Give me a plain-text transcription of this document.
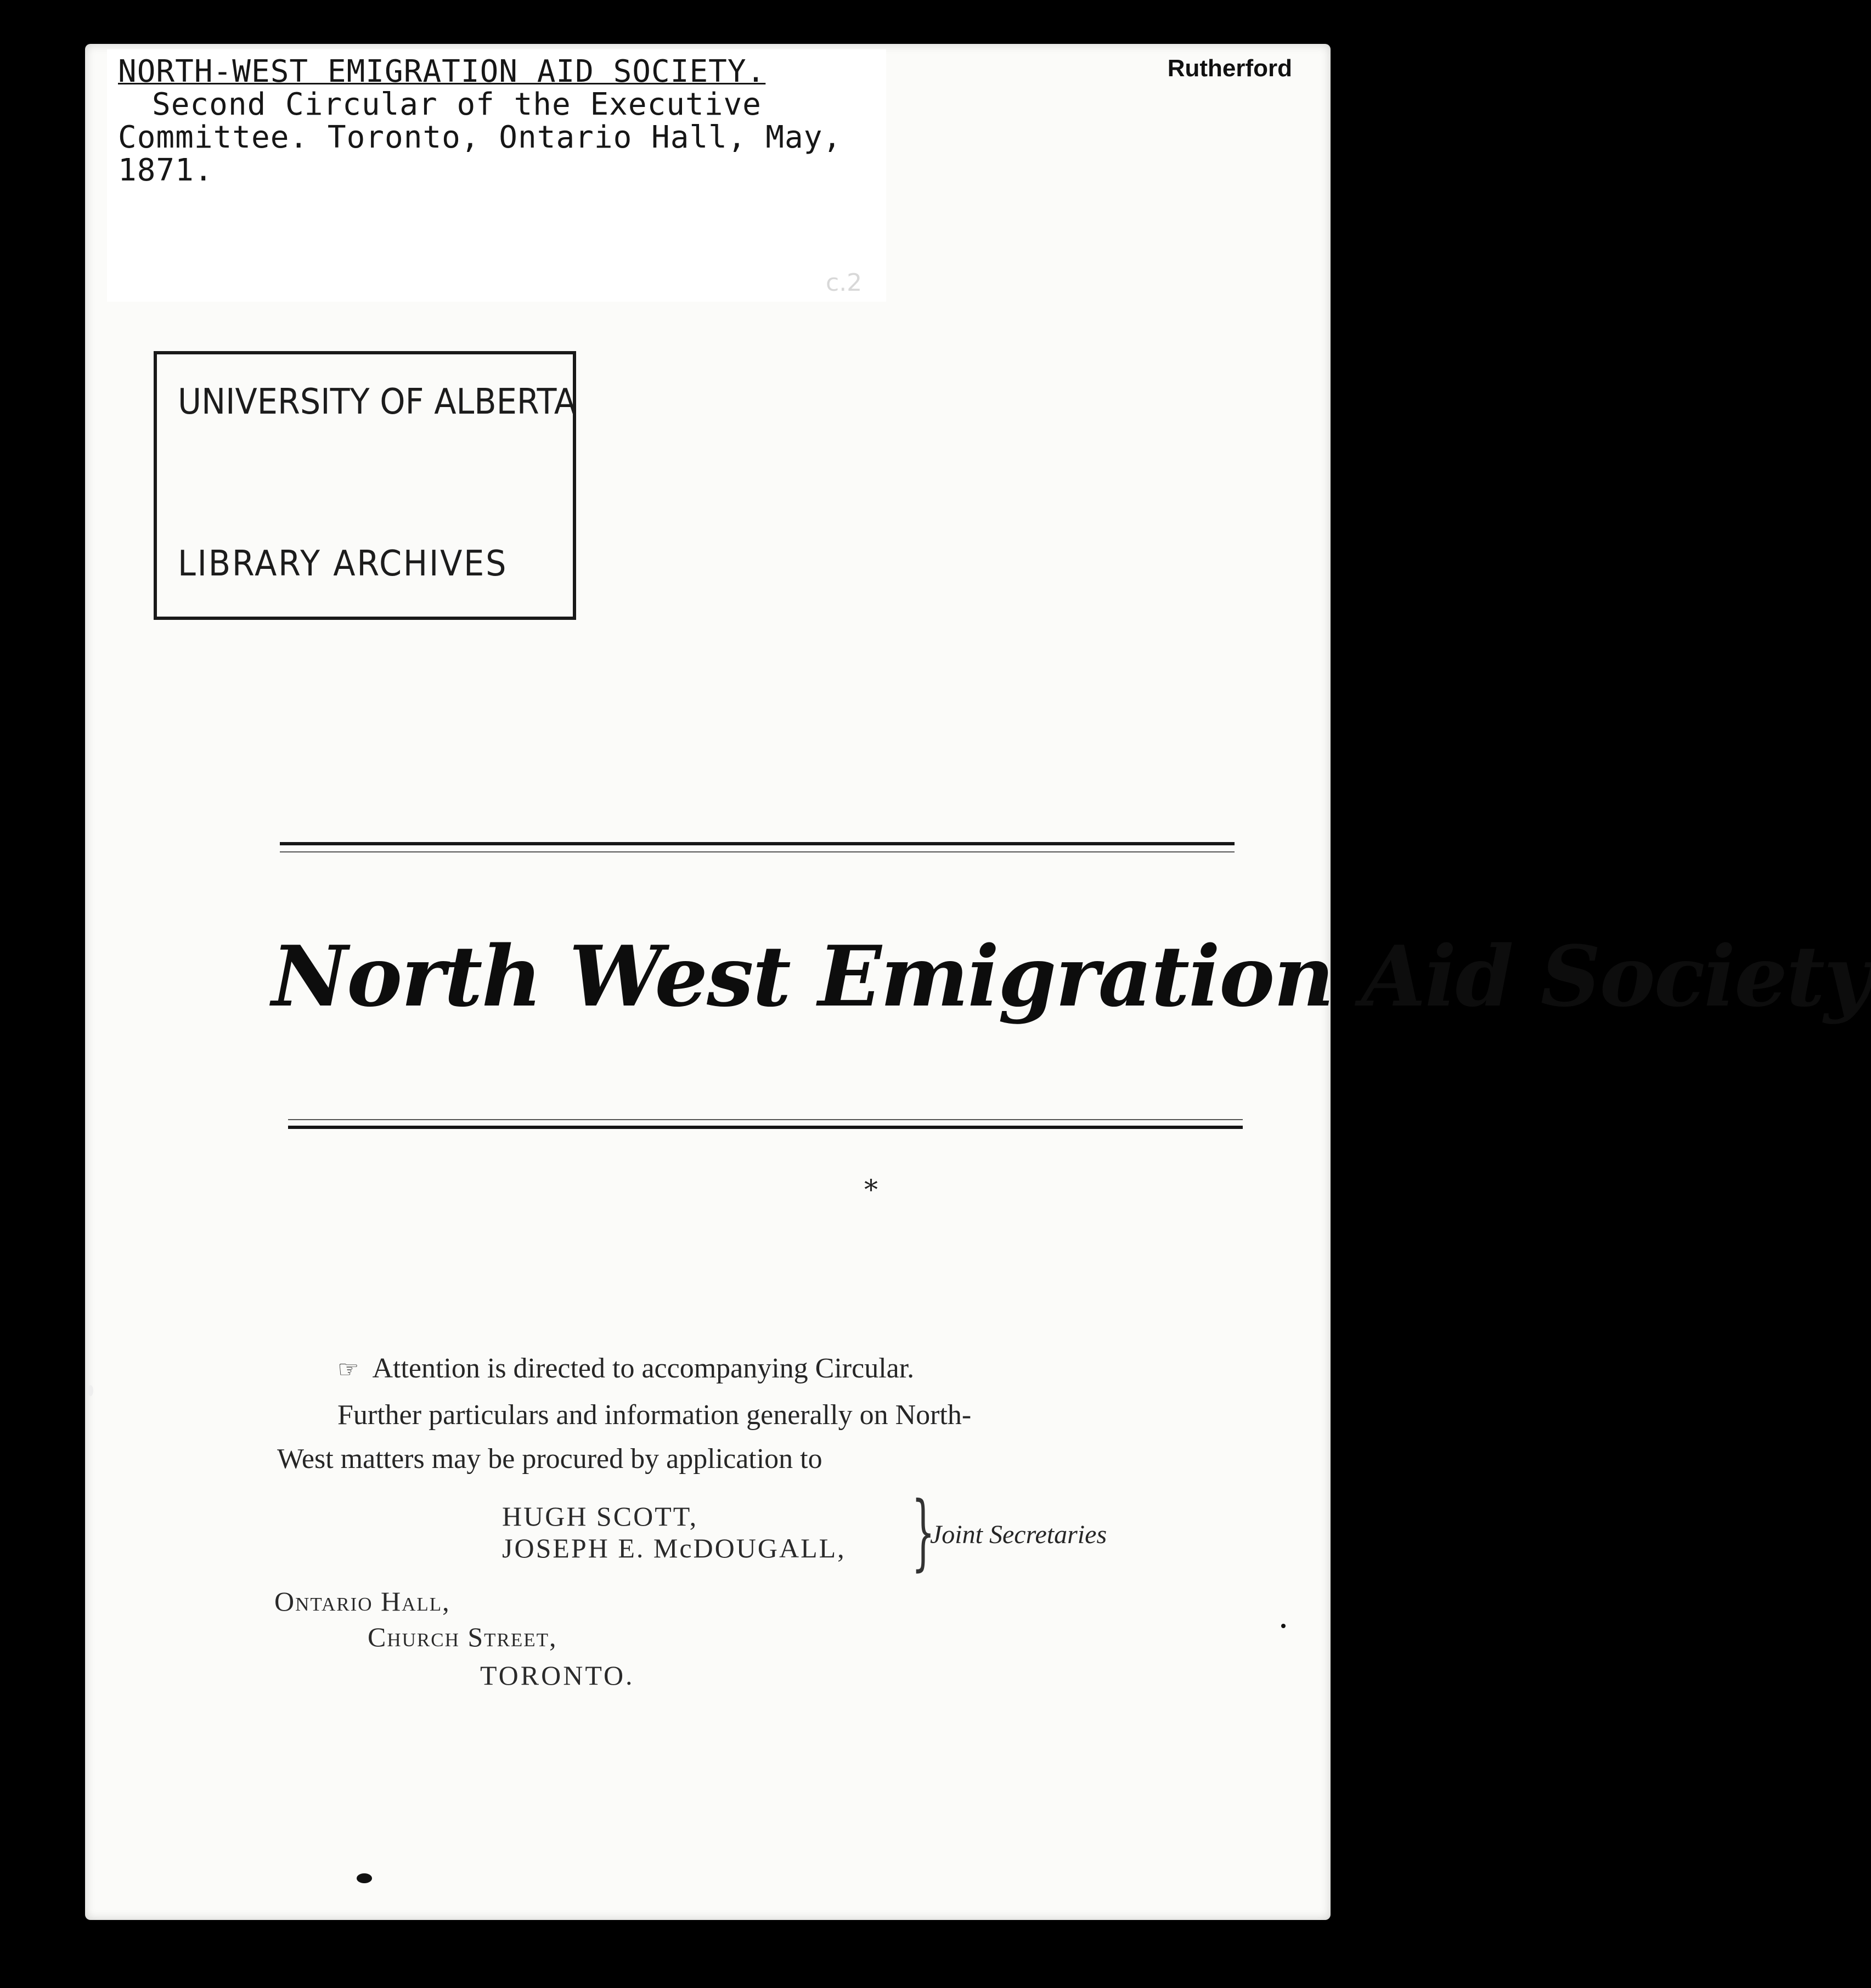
NORTH-WEST EMIGRATION AID SOCIETY.
Second Circular of the Executive
Committee. Toronto, Ontario Hall, May,
1871.
c.2
Rutherford
UNIVERSITY OF ALBERTA
LIBRARY ARCHIVES
North West Emigration Aid Society
*
☞ Attention is directed to accompanying Circular.
Further particulars and information generally on North-
West matters may be procured by application to
HUGH SCOTT,
JOSEPH E. McDOUGALL, }
Joint Secretaries
Ontario Hall,
Church Street,
TORONTO.
